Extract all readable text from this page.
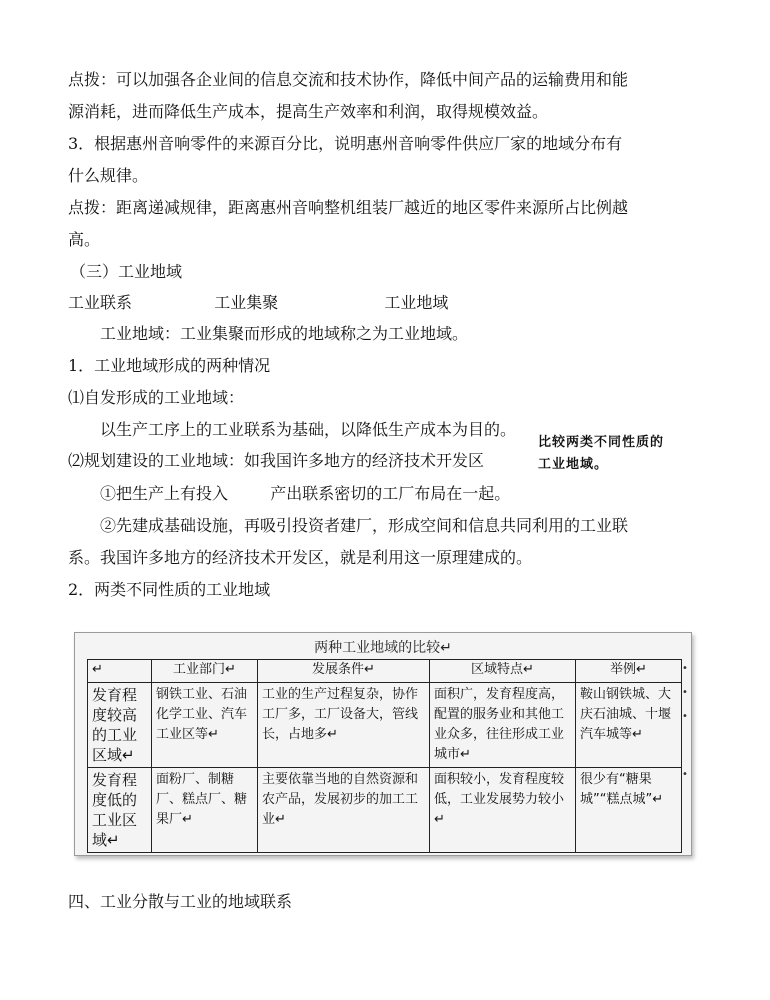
点拨：可以加强各企业间的信息交流和技术协作，降低中间产品的运输费用和能
源消耗，进而降低生产成本，提高生产效率和利润，取得规模效益。
3．根据惠州音响零件的来源百分比，说明惠州音响零件供应厂家的地域分布有
什么规律。
点拨：距离递减规律，距离惠州音响整机组装厂越近的地区零件来源所占比例越
高。
（三）工业地域
工业联系	工业集聚	工业地域
工业地域：工业集聚而形成的地域称之为工业地域。
1．工业地域形成的两种情况
⑴自发形成的工业地域：
以生产工序上的工业联系为基础，以降低生产成本为目的。
⑵规划建设的工业地域：如我国许多地方的经济技术开发区
比较两类不同性质的
工业地域。
①把生产上有投入	产出联系密切的工厂布局在一起。
②先建成基础设施，再吸引投资者建厂，形成空间和信息共同利用的工业联
系。我国许多地方的经济技术开发区，就是利用这一原理建成的。
2．两类不同性质的工业地域
两种工业地域的比较↵
↵	工业部门↵	发展条件↵	区域特点↵	举例↵
发育程度较高的工业区域↵	钢铁工业、石油化学工业、汽车工业区等↵	工业的生产过程复杂，协作工厂多，工厂设备大，管线长，占地多↵	面积广，发育程度高，配置的服务业和其他工业众多，往往形成工业城市↵	鞍山钢铁城、大庆石油城、十堰汽车城等↵
发育程度低的工业区域↵	面粉厂、制糖厂、糕点厂、糖果厂↵	主要依靠当地的自然资源和农产品，发展初步的加工工业↵	面积较小，发育程度较低，工业发展势力较小↵	很少有“糖果城”“糕点城”↵
•
•
•
•
四、工业分散与工业的地域联系
